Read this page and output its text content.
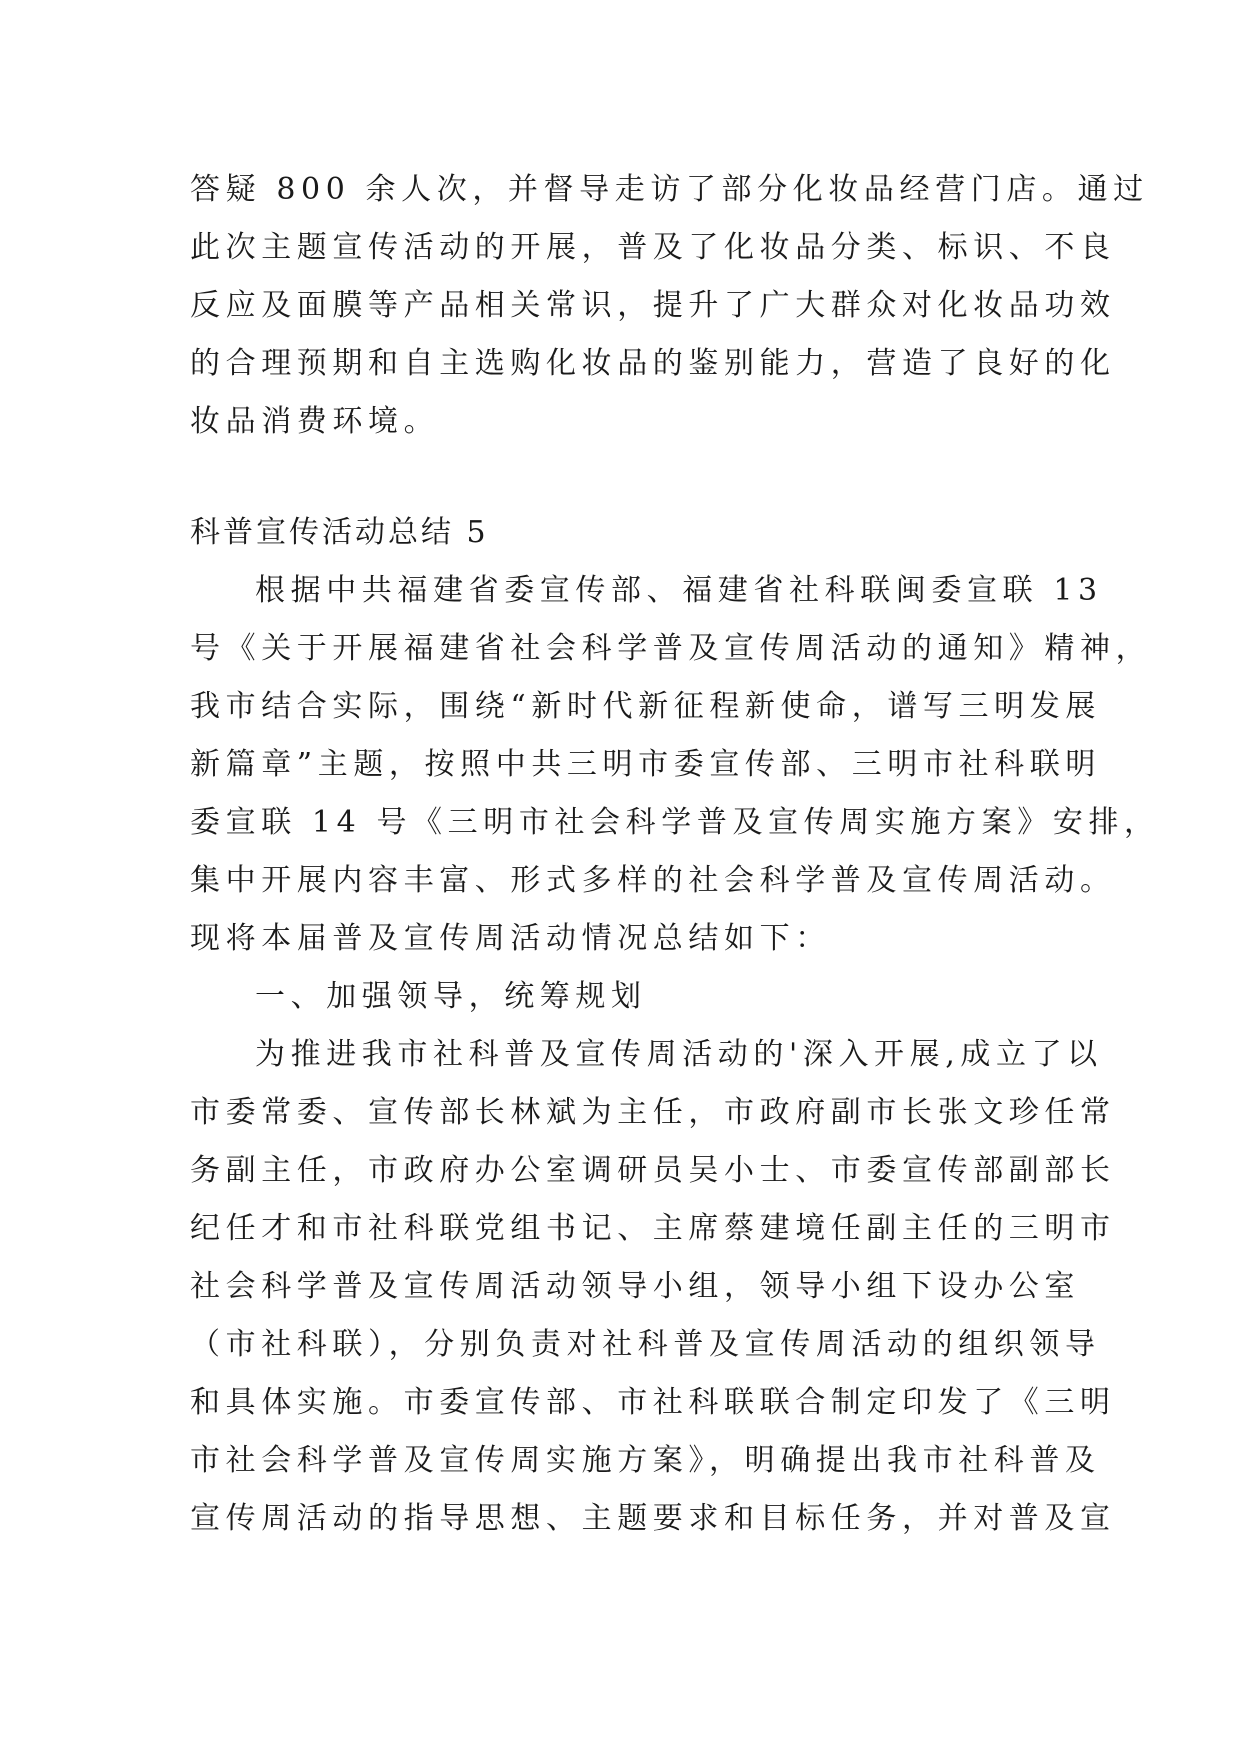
答疑 800 余人次，并督导走访了部分化妆品经营门店。通过
此次主题宣传活动的开展，普及了化妆品分类、标识、不良
反应及面膜等产品相关常识，提升了广大群众对化妆品功效
的合理预期和自主选购化妆品的鉴别能力，营造了良好的化
妆品消费环境。
科普宣传活动总结 5
根据中共福建省委宣传部、福建省社科联闽委宣联 13
号《关于开展福建省社会科学普及宣传周活动的通知》精神，
我市结合实际，围绕“新时代新征程新使命，谱写三明发展
新篇章”主题，按照中共三明市委宣传部、三明市社科联明
委宣联 14 号《三明市社会科学普及宣传周实施方案》安排，
集中开展内容丰富、形式多样的社会科学普及宣传周活动。
现将本届普及宣传周活动情况总结如下：
一、加强领导，统筹规划
为推进我市社科普及宣传周活动的'深入开展,成立了以
市委常委、宣传部长林斌为主任，市政府副市长张文珍任常
务副主任，市政府办公室调研员吴小士、市委宣传部副部长
纪任才和市社科联党组书记、主席蔡建境任副主任的三明市
社会科学普及宣传周活动领导小组，领导小组下设办公室
（市社科联），分别负责对社科普及宣传周活动的组织领导
和具体实施。市委宣传部、市社科联联合制定印发了《三明
市社会科学普及宣传周实施方案》，明确提出我市社科普及
宣传周活动的指导思想、主题要求和目标任务，并对普及宣
